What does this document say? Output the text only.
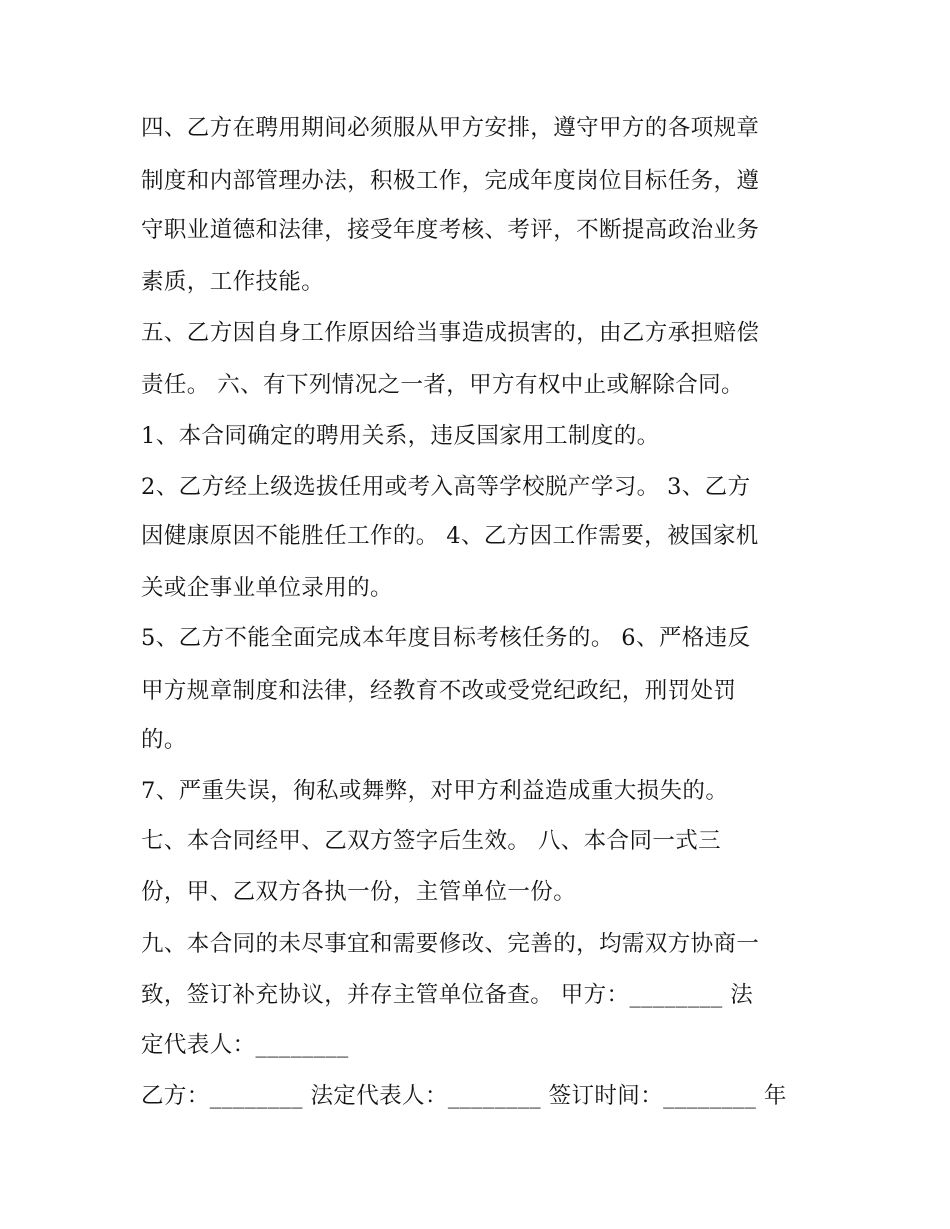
四、乙方在聘用期间必须服从甲方安排，遵守甲方的各项规章

制度和内部管理办法，积极工作，完成年度岗位目标任务，遵

守职业道德和法律，接受年度考核、考评，不断提高政治业务

素质，工作技能。

五、乙方因自身工作原因给当事造成损害的，由乙方承担赔偿

责任。 六、有下列情况之一者，甲方有权中止或解除合同。

1、本合同确定的聘用关系，违反国家用工制度的。

2、乙方经上级选拔任用或考入高等学校脱产学习。 3、乙方

因健康原因不能胜任工作的。 4、乙方因工作需要，被国家机

关或企事业单位录用的。

5、乙方不能全面完成本年度目标考核任务的。 6、严格违反

甲方规章制度和法律，经教育不改或受党纪政纪，刑罚处罚

的。

7、严重失误，徇私或舞弊，对甲方利益造成重大损失的。

七、本合同经甲、乙双方签字后生效。 八、本合同一式三

份，甲、乙双方各执一份，主管单位一份。

九、本合同的未尽事宜和需要修改、完善的，均需双方协商一

致，签订补充协议，并存主管单位备查。 甲方：________ 法

定代表人：________

乙方：________ 法定代表人：________ 签订时间：________ 年
